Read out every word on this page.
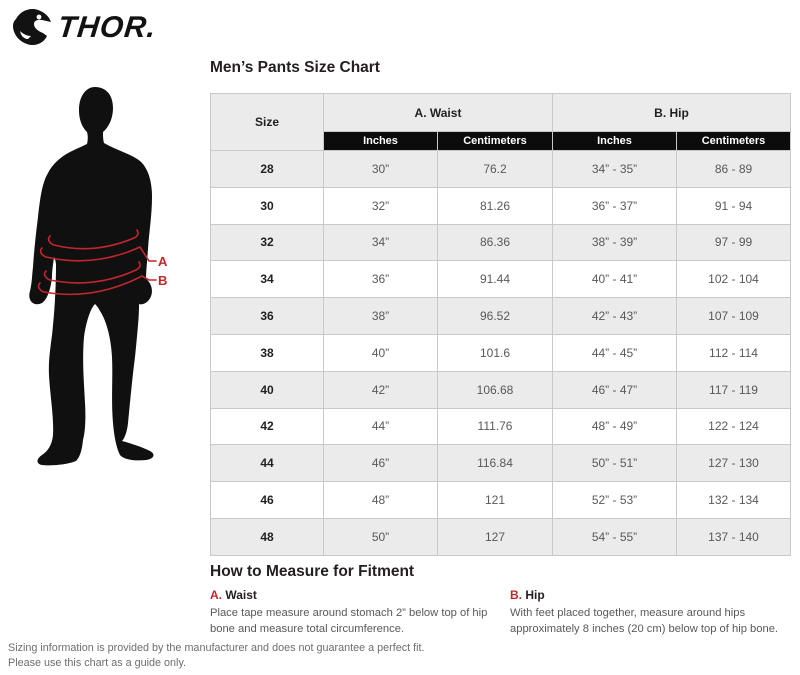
THOR.
A
B
Men’s Pants Size Chart
Size	A. Waist		B. Hip	
	Inches	Centimeters	Inches	Centimeters
28	30”	76.2	34” - 35”	86 - 89
30	32”	81.26	36” - 37”	91 - 94
32	34”	86.36	38” - 39”	97 - 99
34	36”	91.44	40” - 41”	102 - 104
36	38”	96.52	42” - 43”	107 - 109
38	40”	101.6	44” - 45”	112 - 114
40	42”	106.68	46” - 47”	117 - 119
42	44”	111.76	48” - 49”	122 - 124
44	46”	116.84	50” - 51”	127 - 130
46	48”	121	52” - 53”	132 - 134
48	50”	127	54” - 55”	137 - 140
How to Measure for Fitment
A. Waist
Place tape measure around stomach 2” below top of hip bone and measure total circumference.
B. Hip
With feet placed together, measure around hips approximately 8 inches (20 cm) below top of hip bone.
Sizing information is provided by the manufacturer and does not guarantee a perfect fit.
Please use this chart as a guide only.
